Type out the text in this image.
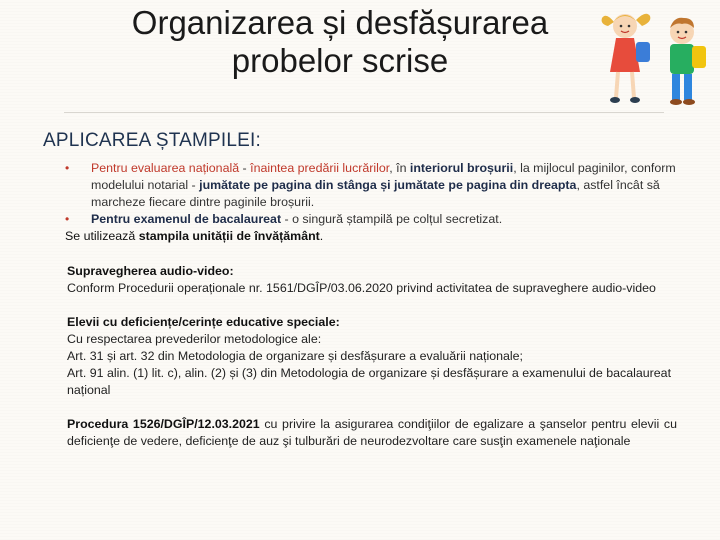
Organizarea și desfășurarea
probelor scrise
APLICAREA ȘTAMPILEI:
• Pentru evaluarea națională - înaintea predării lucrărilor, în interiorul broșurii, la mijlocul paginilor, conform modelului notarial - jumătate pe pagina din stânga și jumătate pe pagina din dreapta, astfel încât să marcheze fiecare dintre paginile broșurii.
• Pentru examenul de bacalaureat - o singură ștampilă pe colțul secretizat.
Se utilizează stampila unității de învățământ.

Supravegherea audio-video:

Conform Procedurii operaționale nr. 1561/DGÎP/03.06.2020 privind activitatea de supraveghere audio-video

Elevii cu deficiențe/cerințe educative speciale:

Cu respectarea prevederilor metodologice ale:

Art. 31 și art. 32 din Metodologia de organizare și desfășurare a evaluării naționale;

Art. 91 alin. (1) lit. c), alin. (2) și (3) din Metodologia de organizare și desfășurare a examenului de bacalaureat național

Procedura 1526/DGÎP/12.03.2021 cu privire la asigurarea condiţiilor de egalizare a şanselor pentru elevii cu deficienţe de vedere, deficienţe de auz şi tulburări de neurodezvoltare care susţin examenele naţionale
